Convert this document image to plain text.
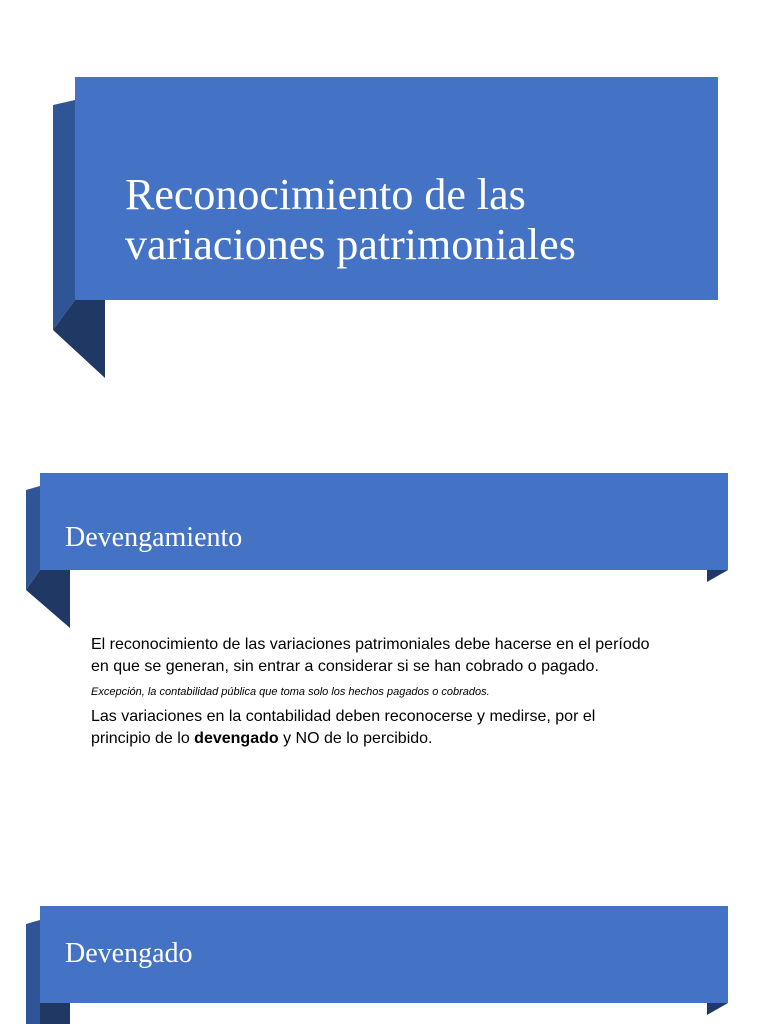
Reconocimiento de las
variaciones patrimoniales
Devengamiento

El reconocimiento de las variaciones patrimoniales debe hacerse en el período en que se generan, sin entrar a considerar si se han cobrado o pagado.

Excepción, la contabilidad pública que toma solo los hechos pagados o cobrados.

Las variaciones en la contabilidad deben reconocerse y medirse, por el principio de lo devengado y NO de lo percibido.

Devengado
